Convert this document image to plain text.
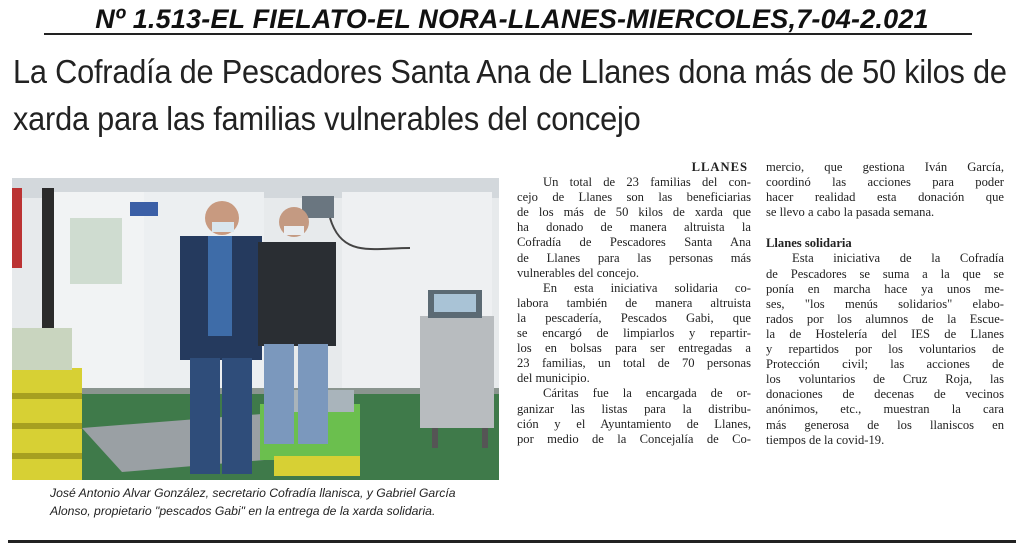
Nº 1.513-EL FIELATO-EL NORA-LLANES-MIERCOLES,7-04-2.021
La Cofradía de Pescadores Santa Ana de Llanes dona más de 50 kilos de
xarda para las familias vulnerables del concejo
José Antonio Alvar González, secretario Cofradía llanisca, y Gabriel García
Alonso, propietario "pescados Gabi" en la entrega de la xarda solidaria.
LLANES
Un total de 23 familias del con-
cejo de Llanes son las beneficiarias
de los más de 50 kilos de xarda que
ha donado de manera altruista la
Cofradía de Pescadores Santa Ana
de Llanes para las personas más
vulnerables del concejo.
En esta iniciativa solidaria co-
labora también de manera altruista
la pescadería, Pescados Gabi, que
se encargó de limpiarlos y repartir-
los en bolsas para ser entregadas a
23 familias, un total de 70 personas
del municipio.
Cáritas fue la encargada de or-
ganizar las listas para la distribu-
ción y el Ayuntamiento de Llanes,
por medio de la Concejalía de Co-
mercio, que gestiona Iván García,
coordinó las acciones para poder
hacer realidad esta donación que
se llevo a cabo la pasada semana.
Llanes solidaria
Esta iniciativa de la Cofradía
de Pescadores se suma a la que se
ponía en marcha hace ya unos me-
ses, "los menús solidarios" elabo-
rados por los alumnos de la Escue-
la de Hostelería del IES de Llanes
y repartidos por los voluntarios de
Protección civil; las acciones de
los voluntarios de Cruz Roja, las
donaciones de decenas de vecinos
anónimos, etc., muestran la cara
más generosa de los llaniscos en
tiempos de la covid-19.
